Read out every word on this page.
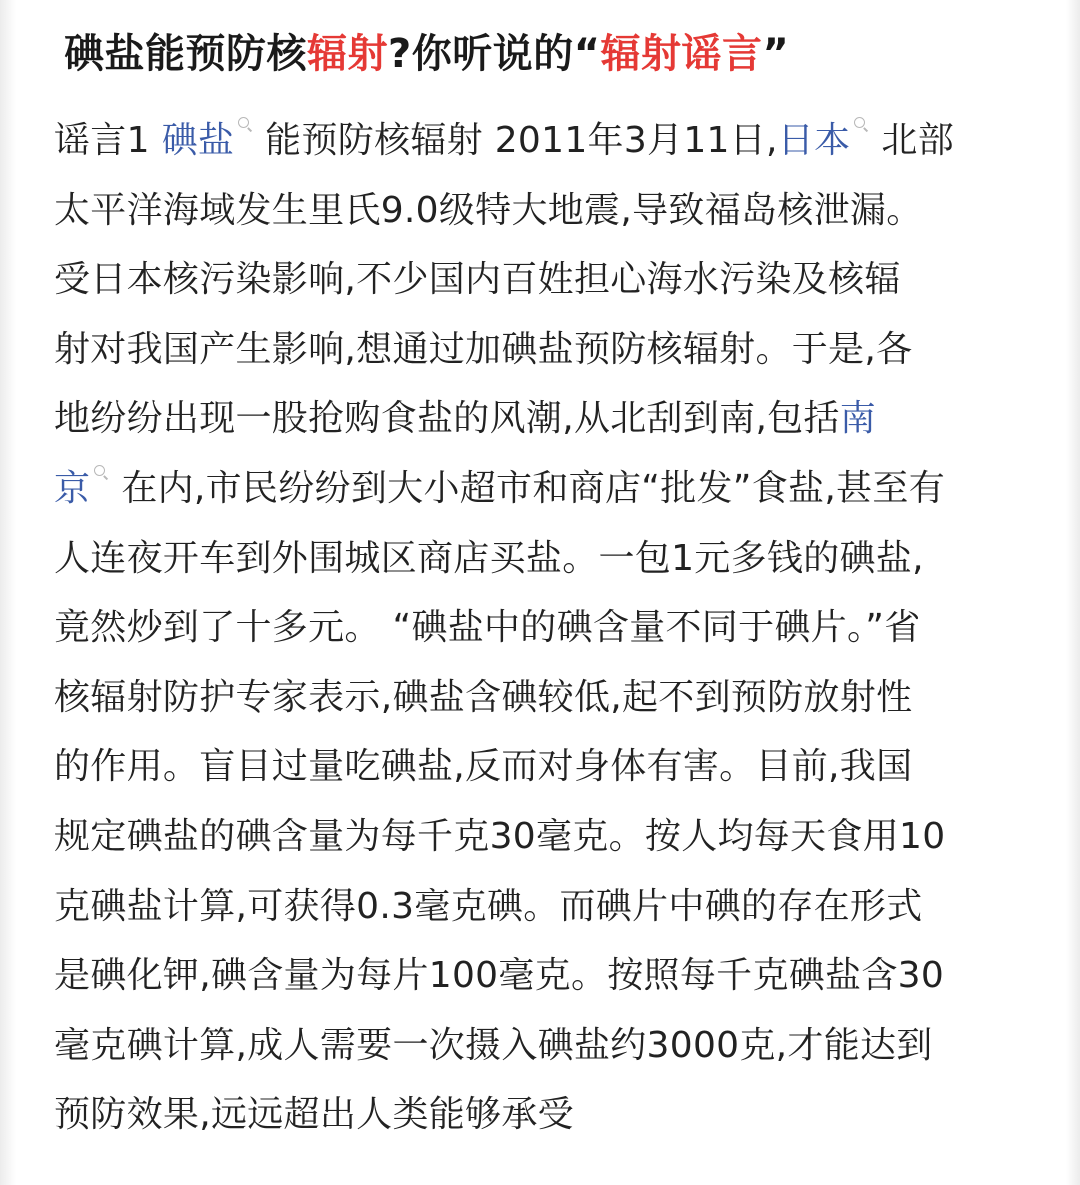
碘盐能预防核辐射?你听说的“辐射谣言”
谣言1 碘盐 能预防核辐射 2011年3月11日,日本 北部
太平洋海域发生里氏9.0级特大地震,导致福岛核泄漏。
受日本核污染影响,不少国内百姓担心海水污染及核辐
射对我国产生影响,想通过加碘盐预防核辐射。于是,各
地纷纷出现一股抢购食盐的风潮,从北刮到南,包括南
京 在内,市民纷纷到大小超市和商店“批发”食盐,甚至有
人连夜开车到外围城区商店买盐。一包1元多钱的碘盐,
竟然炒到了十多元。 “碘盐中的碘含量不同于碘片。”省
核辐射防护专家表示,碘盐含碘较低,起不到预防放射性
的作用。盲目过量吃碘盐,反而对身体有害。目前,我国
规定碘盐的碘含量为每千克30毫克。按人均每天食用10
克碘盐计算,可获得0.3毫克碘。而碘片中碘的存在形式
是碘化钾,碘含量为每片100毫克。按照每千克碘盐含30
毫克碘计算,成人需要一次摄入碘盐约3000克,才能达到
预防效果,远远超出人类能够承受
